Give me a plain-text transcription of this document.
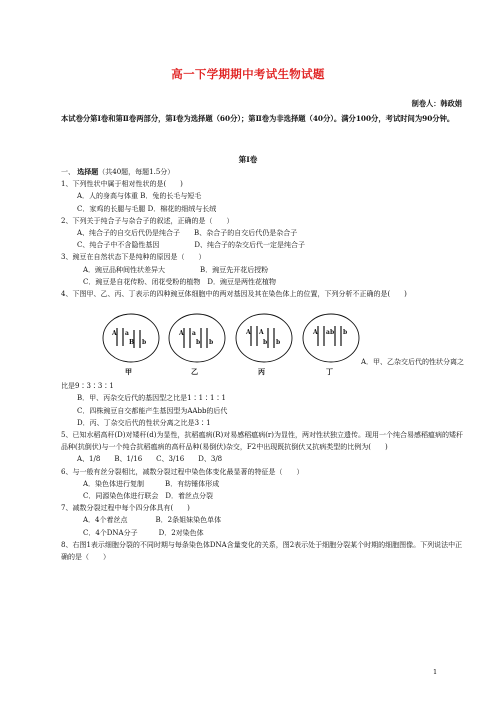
高一下学期期中考试生物试题
制卷人：韩政娟
本试卷分第Ⅰ卷和第Ⅱ卷两部分，第Ⅰ卷为选择题（60分）；第Ⅱ卷为非选择题（40分）。满分100分，考试时间为90分钟。
第Ⅰ卷

一、 选择题（共40题，每题1.5分）

1、下列性状中属于相对性状的是(　　)

A．人的身高与体重 B．兔的长毛与短毛

C．家鸡的长腿与毛腿 D．棉花的细绒与长绒

2、下列关于纯合子与杂合子的叙述，正确的是（　　）

A、纯合子的自交后代仍是纯合子　　B、杂合子的自交后代仍是杂合子

C、纯合子中不含隐性基因　　　　　D、纯合子的杂交后代一定是纯合子

3、豌豆在自然状态下是纯种的原因是（　　）

A．豌豆品种间性状差异大　　　　　B．豌豆先开花后授粉

C．豌豆是自花传粉、闭花受粉的植物　D．豌豆是两性花植物

4、下图甲、乙、丙、丁表示的四种豌豆体细胞中的两对基因及其在染色体上的位置，下列分析不正确的是(　　)

A a
B b
甲
A a
b b
乙
A A
b b
丙
A a b b
丁
A．甲、乙杂交后代的性状分离之

比是9∶3∶3∶1

B．甲、丙杂交后代的基因型之比是1∶1∶1∶1

C．四株豌豆自交都能产生基因型为AAbb的后代

D．丙、丁杂交后代的性状分离之比是3∶1

5、已知水稻高秆(D)对矮秆(d)为显性，抗稻瘟病(R)对易感稻瘟病(r)为显性，两对性状独立遗传。现用一个纯合易感稻瘟病的矮秆品种(抗倒伏)与一个纯合抗稻瘟病的高秆品种(易倒伏)杂交，F2中出现既抗倒伏又抗病类型的比例为(　　)

A、1/8　　B、1/16　　C、3/16　　D、3/8

6、与一般有丝分裂相比，减数分裂过程中染色体变化最显著的特征是（　　）

A．染色体进行复制　　　B．有纺锤体形成

C．同源染色体进行联会　D．着丝点分裂

7、减数分裂过程中每个四分体具有(　　)

A．4个着丝点　　　　B．2条姐妹染色单体

C．4个DNA分子　　　D．2对染色体

8、右图1表示细胞分裂的不同时期与每条染色体DNA含量变化的关系，图2表示处于细胞分裂某个时期的细胞图像。下列说法中正确的是（　　）

1
